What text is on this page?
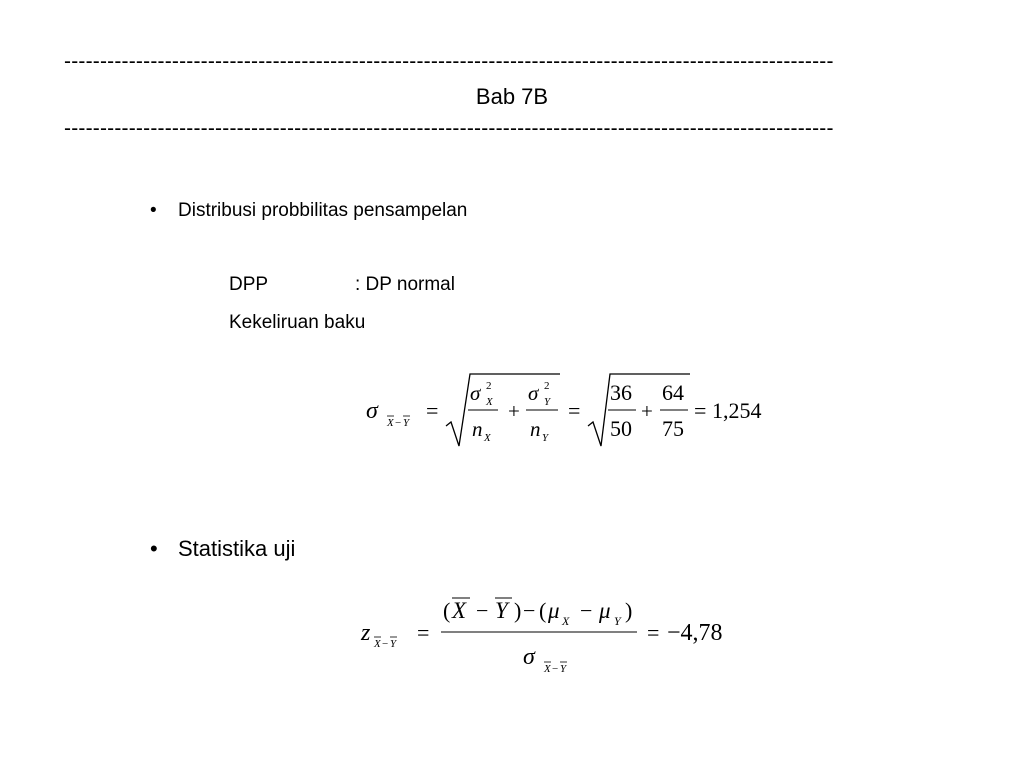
-----------------------------------------------------------------------------------------------------------
Bab 7B
-----------------------------------------------------------------------------------------------------------
•	Distribusi probbilitas pensampelan
DPP	: DP normal
Kekeliruan baku
σ X − Y =
σ 2
X
n X
+
σ 2
Y
n Y
=
36
50
+
64
75
= 1,254
• Statistika uji
z X − Y =
( X − Y ) − ( μ X − μ Y )
σ X − Y
= −4,78
